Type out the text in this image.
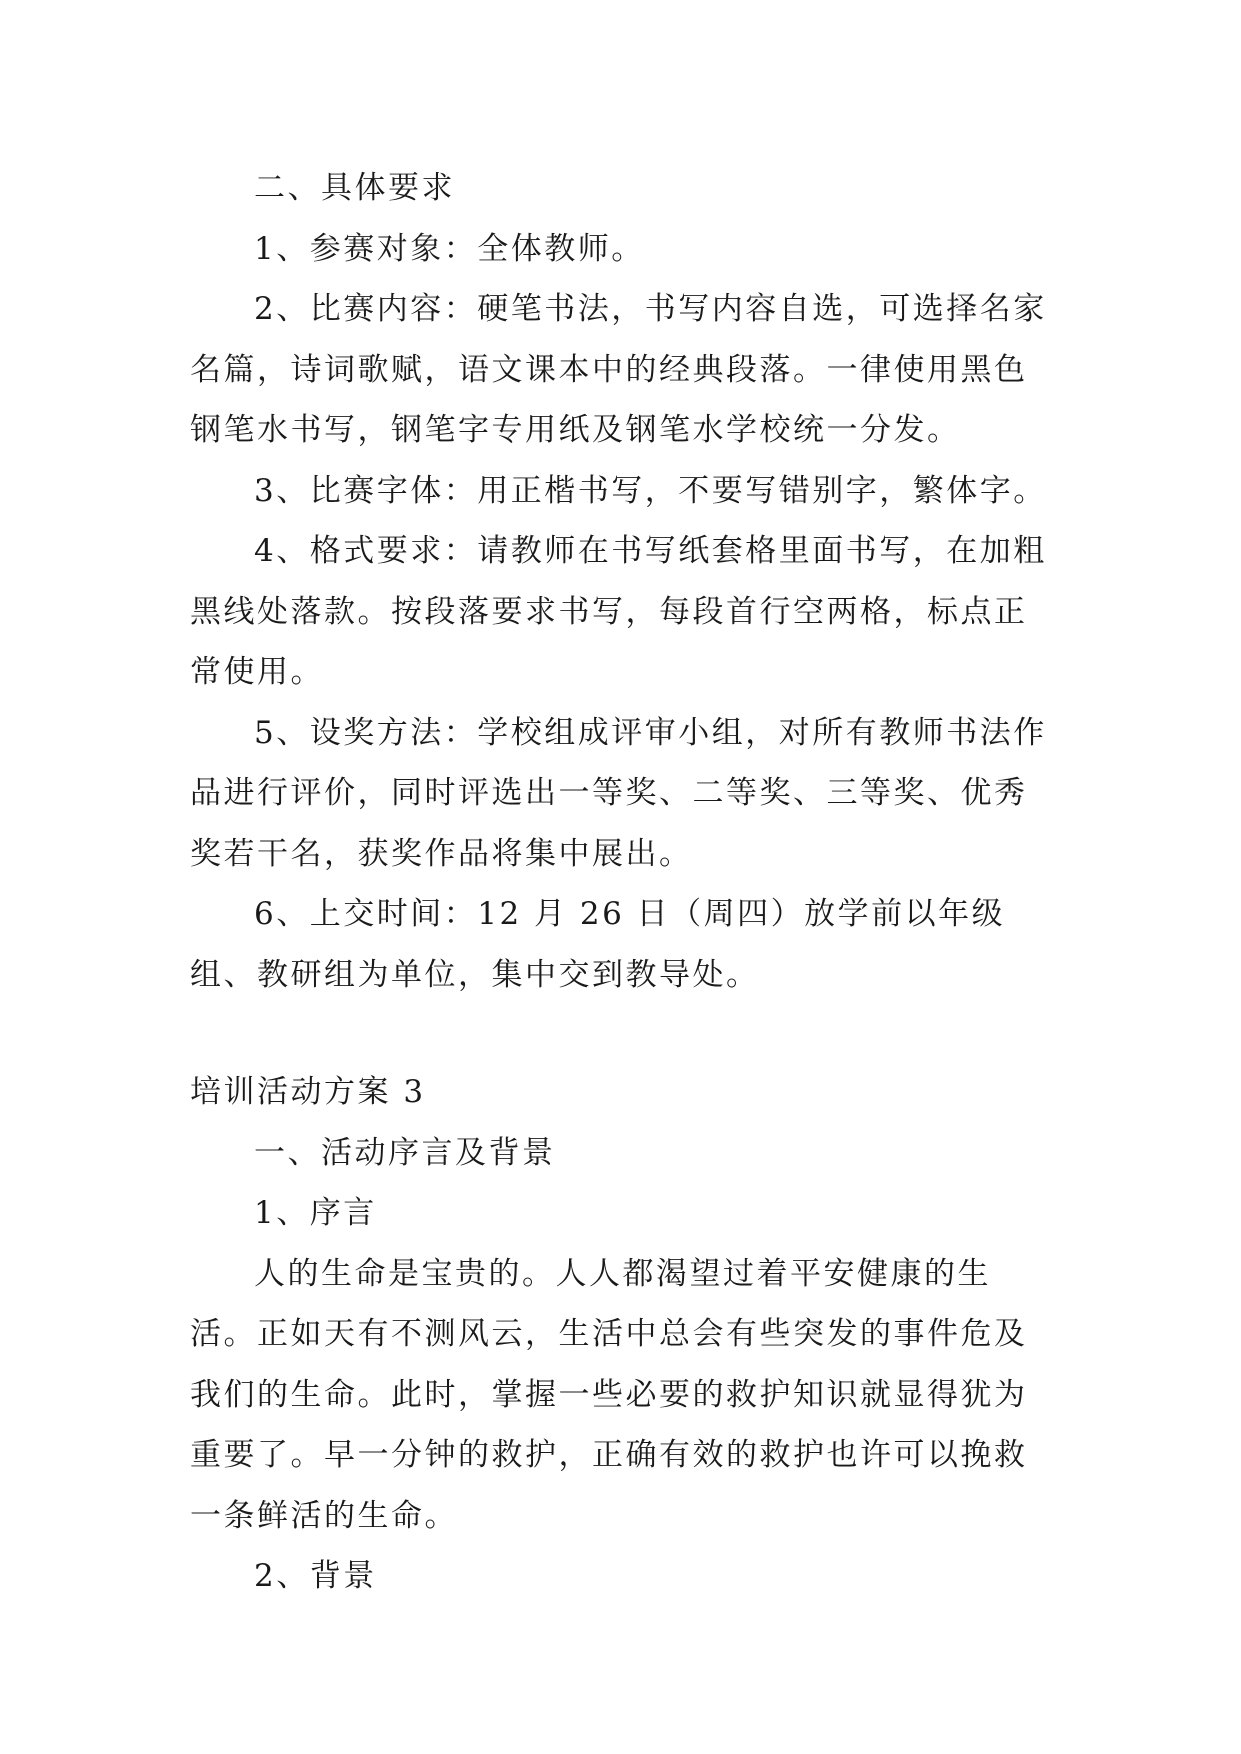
二、具体要求

1、参赛对象：全体教师。

2、比赛内容：硬笔书法，书写内容自选，可选择名家名篇，诗词歌赋，语文课本中的经典段落。一律使用黑色钢笔水书写，钢笔字专用纸及钢笔水学校统一分发。

3、比赛字体：用正楷书写，不要写错别字，繁体字。

4、格式要求：请教师在书写纸套格里面书写，在加粗黑线处落款。按段落要求书写，每段首行空两格，标点正常使用。

5、设奖方法：学校组成评审小组，对所有教师书法作品进行评价，同时评选出一等奖、二等奖、三等奖、优秀奖若干名，获奖作品将集中展出。

6、上交时间：12 月 26 日（周四）放学前以年级组、教研组为单位，集中交到教导处。

培训活动方案 3

一、活动序言及背景

1、序言

人的生命是宝贵的。人人都渴望过着平安健康的生活。正如天有不测风云，生活中总会有些突发的事件危及我们的生命。此时，掌握一些必要的救护知识就显得犹为重要了。早一分钟的救护，正确有效的救护也许可以挽救一条鲜活的生命。

2、背景
